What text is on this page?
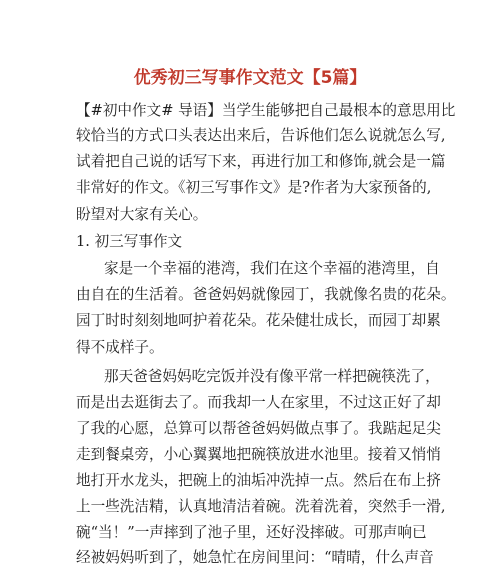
优秀初三写事作文范文【5篇】
【#初中作文# 导语】当学生能够把自己最根本的意思用比
较恰当的方式口头表达出来后，告诉他们怎么说就怎么写,
试着把自己说的话写下来，再进行加工和修饰,就会是一篇
非常好的作文。《初三写事作文》是?作者为大家预备的,
盼望对大家有关心。
1. 初三写事作文
家是一个幸福的港湾，我们在这个幸福的港湾里，自
由自在的生活着。爸爸妈妈就像园丁，我就像名贵的花朵。
园丁时时刻刻地呵护着花朵。花朵健壮成长，而园丁却累
得不成样子。
那天爸爸妈妈吃完饭并没有像平常一样把碗筷洗了，
而是出去逛街去了。而我却一人在家里，不过这正好了却
了我的心愿，总算可以帮爸爸妈妈做点事了。我踮起足尖
走到餐桌旁，小心翼翼地把碗筷放进水池里。接着又悄悄
地打开水龙头，把碗上的油垢冲洗掉一点。然后在布上挤
上一些洗洁精，认真地清洁着碗。洗着洗着，突然手一滑,
碗“当！”一声摔到了池子里，还好没摔破。可那声响已
经被妈妈听到了，她急忙在房间里问：“晴晴，什么声音
